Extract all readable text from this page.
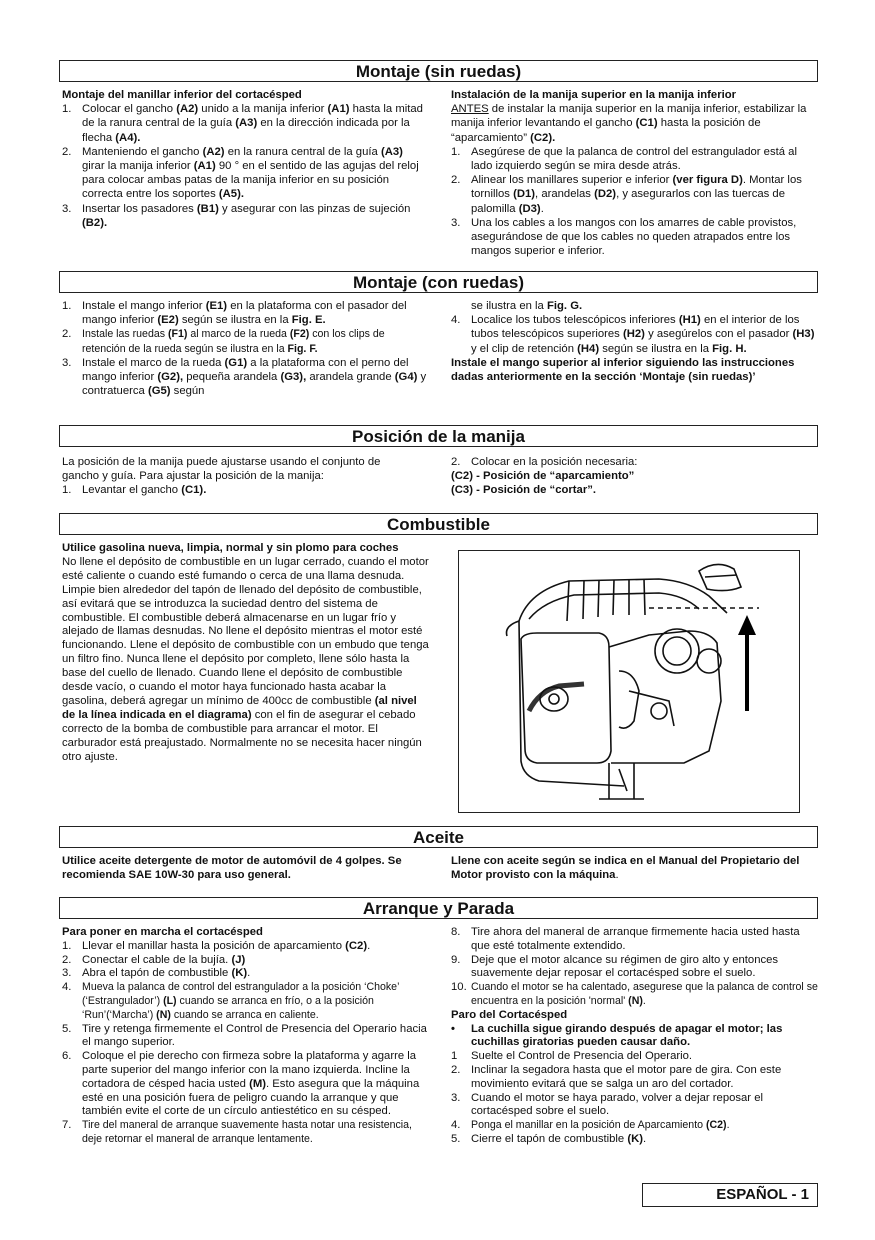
Montaje (sin ruedas)

Montaje del manillar inferior del cortacésped

1. Colocar el gancho (A2) unido a la manija inferior (A1) hasta la mitad de la ranura central de la guía (A3) en la dirección indicada por la flecha (A4).
2. Manteniendo el gancho (A2) en la ranura central de la guía (A3) girar la manija inferior (A1) 90 ° en el sentido de las agujas del reloj para colocar ambas patas de la manija inferior en su posición correcta entre los soportes (A5).
3. Insertar los pasadores (B1) y asegurar con las pinzas de sujeción (B2).

Instalación de la manija superior en la manija inferior

ANTES de instalar la manija superior en la manija inferior, estabilizar la manija inferior levantando el gancho (C1) hasta la posición de “aparcamiento” (C2).

1. Asegúrese de que la palanca de control del estrangulador está al lado izquierdo según se mira desde atrás.
2. Alinear los manillares superior e inferior (ver figura D). Montar los tornillos (D1), arandelas (D2), y asegurarlos con las tuercas de palomilla (D3).
3. Una los cables a los mangos con los amarres de cable provistos, asegurándose de que los cables no queden atrapados entre los mangos superior e inferior.
Montaje (con ruedas)
1. Instale el mango inferior (E1) en la plataforma con el pasador del mango inferior (E2) según se ilustra en la Fig. E.
2. Instale las ruedas (F1) al marco de la rueda (F2) con los clips de retención de la rueda según se ilustra en la Fig. F.
3. Instale el marco de la rueda (G1) a la plataforma con el perno del mango inferior (G2), pequeña arandela (G3), arandela grande (G4) y contratuerca (G5) según

se ilustra en la Fig. G.

4. Localice los tubos telescópicos inferiores (H1) en el interior de los tubos telescópicos superiores (H2) y asegúrelos con el pasador (H3) y el clip de retención (H4) según se ilustra en la Fig. H.

Instale el mango superior al inferior siguiendo las instrucciones dadas anteriormente en la sección ‘Montaje (sin ruedas)’

Posición de la manija

La posición de la manija puede ajustarse usando el conjunto de gancho y guía. Para ajustar la posición de la manija:

1. Levantar el gancho (C1).
2. Colocar en la posición necesaria:

(C2) - Posición de “aparcamiento”

(C3) - Posición de “cortar”.

Combustible

Utilice gasolina nueva, limpia, normal y sin plomo para coches

No llene el depósito de combustible en un lugar cerrado, cuando el motor esté caliente o cuando esté fumando o cerca de una llama desnuda. Limpie bien alrededor del tapón de llenado del depósito de combustible, así evitará que se introduzca la suciedad dentro del sistema de combustible. El combustible deberá almacenarse en un lugar frío y alejado de llamas desnudas. No llene el depósito mientras el motor esté funcionando. Llene el depósito de combustible con un embudo que tenga un filtro fino. Nunca llene el depósito por completo, llene sólo hasta la base del cuello de llenado. Cuando llene el depósito de combustible desde vacío, o cuando el motor haya funcionado hasta acabar la gasolina, deberá agregar un mínimo de 400cc de combustible (al nivel de la línea indicada en el diagrama) con el fin de asegurar el cebado correcto de la bomba de combustible para arrancar el motor. El carburador está preajustado. Normalmente no se necesita hacer ningún otro ajuste.

Aceite

Utilice aceite detergente de motor de automóvil de 4 golpes. Se recomienda SAE 10W-30 para uso general.

Llene con aceite según se indica en el Manual del Propietario del Motor provisto con la máquina.

Arranque y Parada

Para poner en marcha el cortacésped

1. Llevar el manillar hasta la posición de aparcamiento (C2).
2. Conectar el cable de la bujía. (J)
3. Abra el tapón de combustible (K).
4. Mueva la palanca de control del estrangulador a la posición ‘Choke’ (‘Estrangulador’) (L) cuando se arranca en frío, o a la posición ‘Run’(‘Marcha’) (N) cuando se arranca en caliente.
5. Tire y retenga firmemente el Control de Presencia del Operario hacia el mango superior.
6. Coloque el pie derecho con firmeza sobre la plataforma y agarre la parte superior del mango inferior con la mano izquierda. Incline la cortadora de césped hacia usted (M). Esto asegura que la máquina esté en una posición fuera de peligro cuando la arranque y que también evite el corte de un círculo antiestético en su césped.
7. Tire del maneral de arranque suavemente hasta notar una resistencia, deje retornar el maneral de arranque lentamente.
8. Tire ahora del maneral de arranque firmemente hacia usted hasta que esté totalmente extendido.
9. Deje que el motor alcance su régimen de giro alto y entonces suavemente dejar reposar el cortacésped sobre el suelo.
10. Cuando el motor se ha calentado, asegurese que la palanca de control se encuentra en la posición 'normal' (N).

Paro del Cortacésped

• La cuchilla sigue girando después de apagar el motor; las cuchillas giratorias pueden causar daño.
1 Suelte el Control de Presencia del Operario.
2. Inclinar la segadora hasta que el motor pare de gira. Con este movimiento evitará que se salga un aro del cortador.
3. Cuando el motor se haya parado, volver a dejar reposar el cortacésped sobre el suelo.
4. Ponga el manillar en la posición de Aparcamiento (C2).
5. Cierre el tapón de combustible (K).
ESPAÑOL - 1
